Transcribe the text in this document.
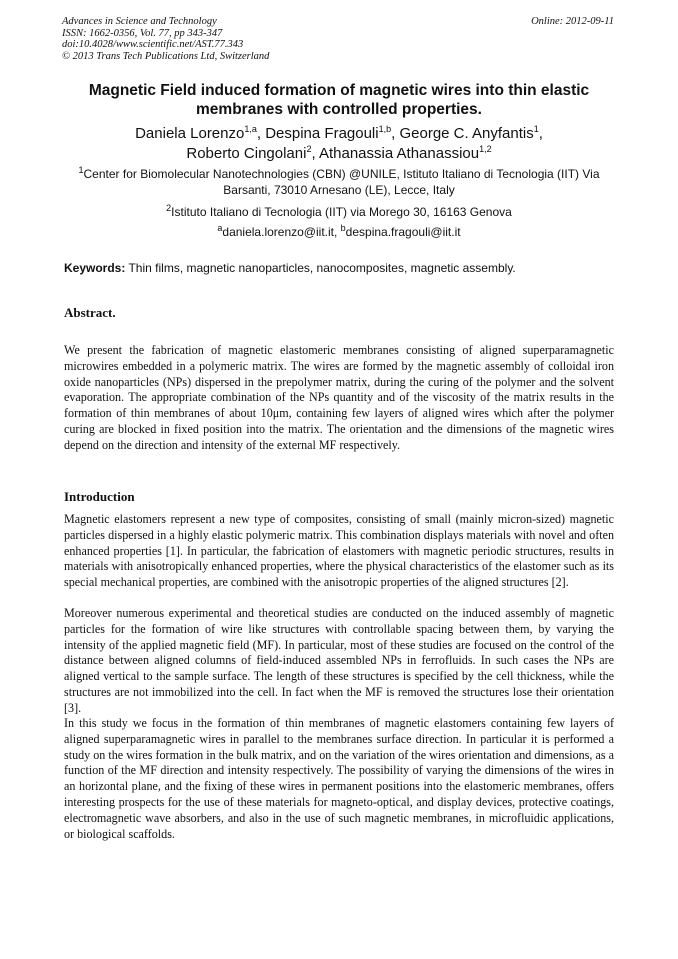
Advances in Science and Technology
ISSN: 1662-0356, Vol. 77, pp 343-347
doi:10.4028/www.scientific.net/AST.77.343
© 2013 Trans Tech Publications Ltd, Switzerland
Online: 2012-09-11
Magnetic Field induced formation of magnetic wires into thin elastic
membranes with controlled properties.
Daniela Lorenzo$^{1,a}$, Despina Fragouli$^{1,b}$, George C. Anyfantis$^1$,
Roberto Cingolani$^2$, Athanassia Athanassiou$^{1,2}$
$^1$Center for Biomolecular Nanotechnologies (CBN) @UNILE, Istituto Italiano di Tecnologia (IIT) Via Barsanti, 73010 Arnesano (LE), Lecce, Italy
$^2$Istituto Italiano di Tecnologia (IIT) via Morego 30, 16163 Genova
$^a$daniela.lorenzo@iit.it, $^b$despina.fragouli@iit.it
Keywords: Thin films, magnetic nanoparticles, nanocomposites, magnetic assembly.
Abstract.
We present the fabrication of magnetic elastomeric membranes consisting of aligned superparamagnetic microwires embedded in a polymeric matrix. The wires are formed by the magnetic assembly of colloidal iron oxide nanoparticles (NPs) dispersed in the prepolymer matrix, during the curing of the polymer and the solvent evaporation. The appropriate combination of the NPs quantity and of the viscosity of the matrix results in the formation of thin membranes of about 10μm, containing few layers of aligned wires which after the polymer curing are blocked in fixed position into the matrix. The orientation and the dimensions of the magnetic wires depend on the direction and intensity of the external MF respectively.
Introduction
Magnetic elastomers represent a new type of composites, consisting of small (mainly micron-sized) magnetic particles dispersed in a highly elastic polymeric matrix. This combination displays materials with novel and often enhanced properties [1]. In particular, the fabrication of elastomers with magnetic periodic structures, results in materials with anisotropically enhanced properties, where the physical characteristics of the elastomer such as its special mechanical properties, are combined with the anisotropic properties of the aligned structures [2].
Moreover numerous experimental and theoretical studies are conducted on the induced assembly of magnetic particles for the formation of wire like structures with controllable spacing between them, by varying the intensity of the applied magnetic field (MF). In particular, most of these studies are focused on the control of the distance between aligned columns of field-induced assembled NPs in ferrofluids. In such cases the NPs are aligned vertical to the sample surface. The length of these structures is specified by the cell thickness, while the structures are not immobilized into the cell. In fact when the MF is removed the structures lose their orientation [3].
In this study we focus in the formation of thin membranes of magnetic elastomers containing few layers of aligned superparamagnetic wires in parallel to the membranes surface direction. In particular it is performed a study on the wires formation in the bulk matrix, and on the variation of the wires orientation and dimensions, as a function of the MF direction and intensity respectively. The possibility of varying the dimensions of the wires in an horizontal plane, and the fixing of these wires in permanent positions into the elastomeric membranes, offers interesting prospects for the use of these materials for magneto-optical, and display devices, protective coatings, electromagnetic wave absorbers, and also in the use of such magnetic membranes, in microfluidic applications, or biological scaffolds.
